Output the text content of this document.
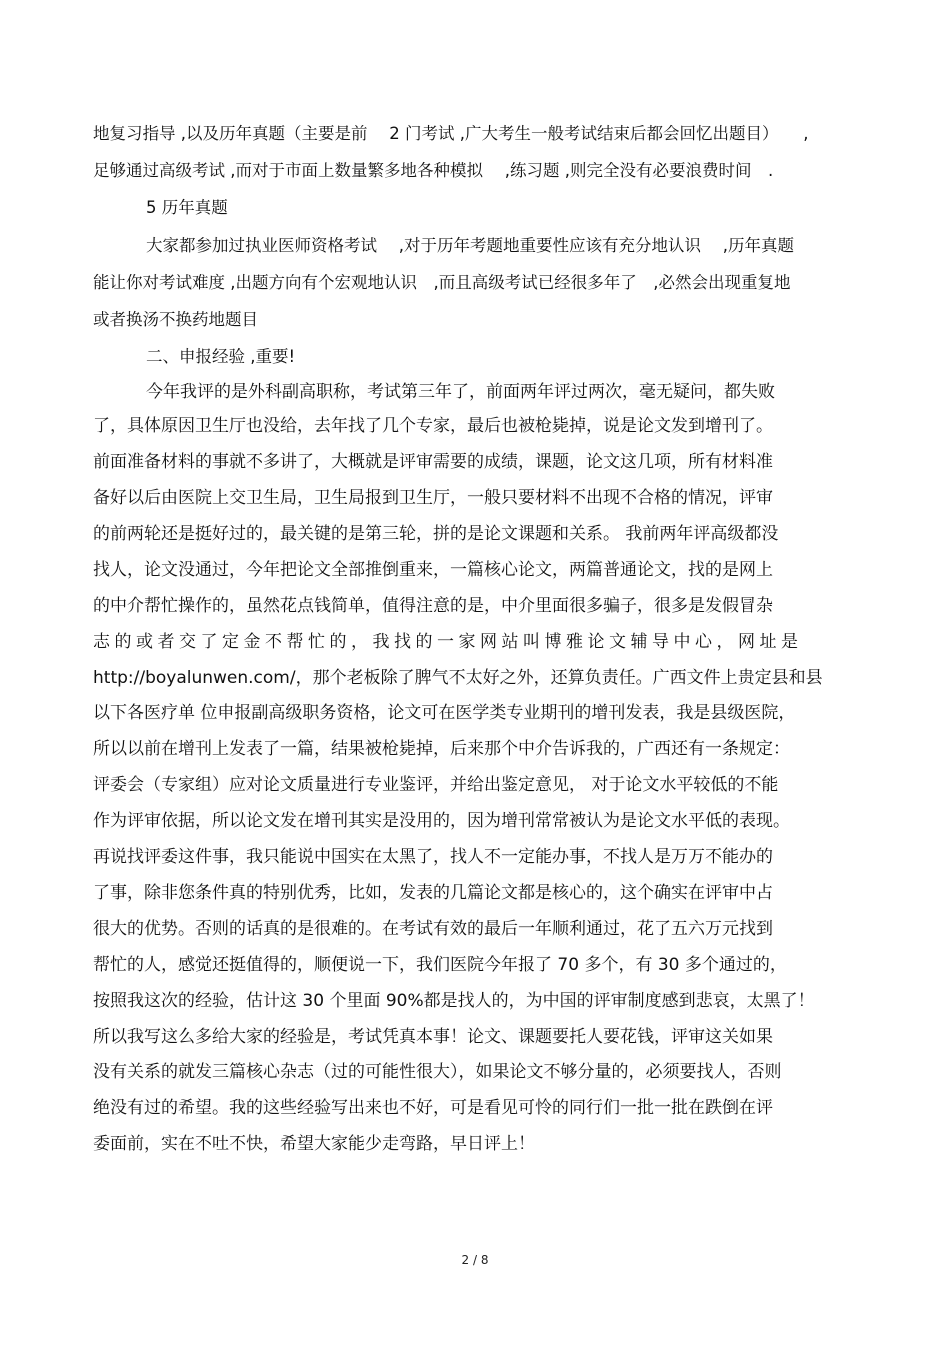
地复习指导 ,以及历年真题（主要是前　 2 门考试 ,广大考生一般考试结束后都会回忆出题目）　　,
足够通过高级考试 ,而对于市面上数量繁多地各种模拟　 ,练习题 ,则完全没有必要浪费时间　.
5 历年真题
大家都参加过执业医师资格考试　 ,对于历年考题地重要性应该有充分地认识　 ,历年真题
能让你对考试难度 ,出题方向有个宏观地认识　,而且高级考试已经很多年了　,必然会出现重复地
或者换汤不换药地题目
二、申报经验 ,重要!
今年我评的是外科副高职称，考试第三年了，前面两年评过两次，毫无疑问，都失败
了，具体原因卫生厅也没给，去年找了几个专家，最后也被枪毙掉，说是论文发到增刊了。
前面准备材料的事就不多讲了，大概就是评审需要的成绩，课题，论文这几项，所有材料准
备好以后由医院上交卫生局，卫生局报到卫生厅，一般只要材料不出现不合格的情况，评审
的前两轮还是挺好过的，最关键的是第三轮，拼的是论文课题和关系。 我前两年评高级都没
找人，论文没通过，今年把论文全部推倒重来，一篇核心论文，两篇普通论文，找的是网上
的中介帮忙操作的，虽然花点钱简单，值得注意的是，中介里面很多骗子，很多是发假冒杂
志的或者交了定金不帮忙的，我找的一家网站叫博雅论文辅导中心，网址是
http://boyalunwen.com/，那个老板除了脾气不太好之外，还算负责任。广西文件上贵定县和县
以下各医疗单 位申报副高级职务资格，论文可在医学类专业期刊的增刊发表，我是县级医院，
所以以前在增刊上发表了一篇，结果被枪毙掉，后来那个中介告诉我的，广西还有一条规定：
评委会（专家组）应对论文质量进行专业鉴评，并给出鉴定意见， 对于论文水平较低的不能
作为评审依据，所以论文发在增刊其实是没用的，因为增刊常常被认为是论文水平低的表现。
再说找评委这件事，我只能说中国实在太黑了，找人不一定能办事，不找人是万万不能办的
了事，除非您条件真的特别优秀，比如，发表的几篇论文都是核心的，这个确实在评审中占
很大的优势。否则的话真的是很难的。在考试有效的最后一年顺利通过，花了五六万元找到
帮忙的人，感觉还挺值得的，顺便说一下，我们医院今年报了 70 多个，有 30 多个通过的，
按照我这次的经验，估计这 30 个里面 90%都是找人的，为中国的评审制度感到悲哀，太黑了！
所以我写这么多给大家的经验是，考试凭真本事！论文、课题要托人要花钱，评审这关如果
没有关系的就发三篇核心杂志（过的可能性很大），如果论文不够分量的，必须要找人，否则
绝没有过的希望。我的这些经验写出来也不好，可是看见可怜的同行们一批一批在跌倒在评
委面前，实在不吐不快，希望大家能少走弯路，早日评上！
2 / 8
